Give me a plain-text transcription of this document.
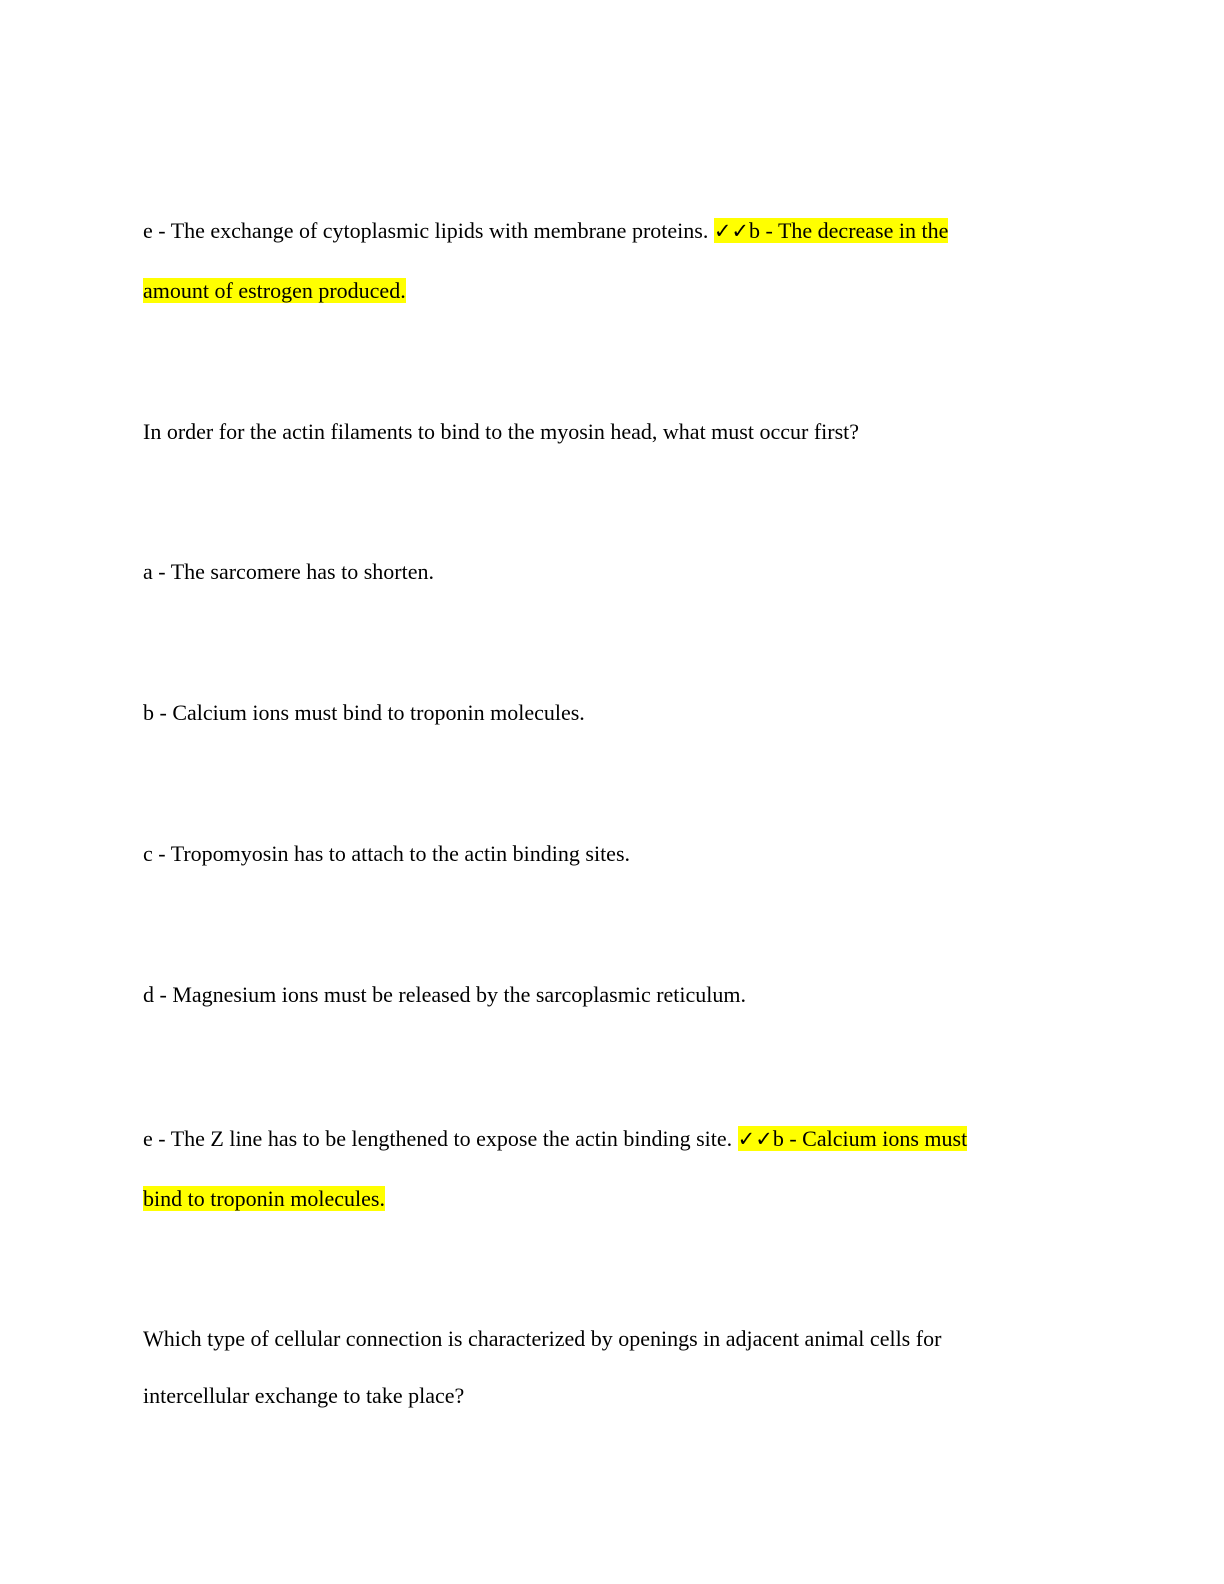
e - The exchange of cytoplasmic lipids with membrane proteins. ✓✓b - The decrease in the
amount of estrogen produced.
In order for the actin filaments to bind to the myosin head, what must occur first?
a - The sarcomere has to shorten.
b - Calcium ions must bind to troponin molecules.
c - Tropomyosin has to attach to the actin binding sites.
d - Magnesium ions must be released by the sarcoplasmic reticulum.
e - The Z line has to be lengthened to expose the actin binding site. ✓✓b - Calcium ions must
bind to troponin molecules.
Which type of cellular connection is characterized by openings in adjacent animal cells for
intercellular exchange to take place?
